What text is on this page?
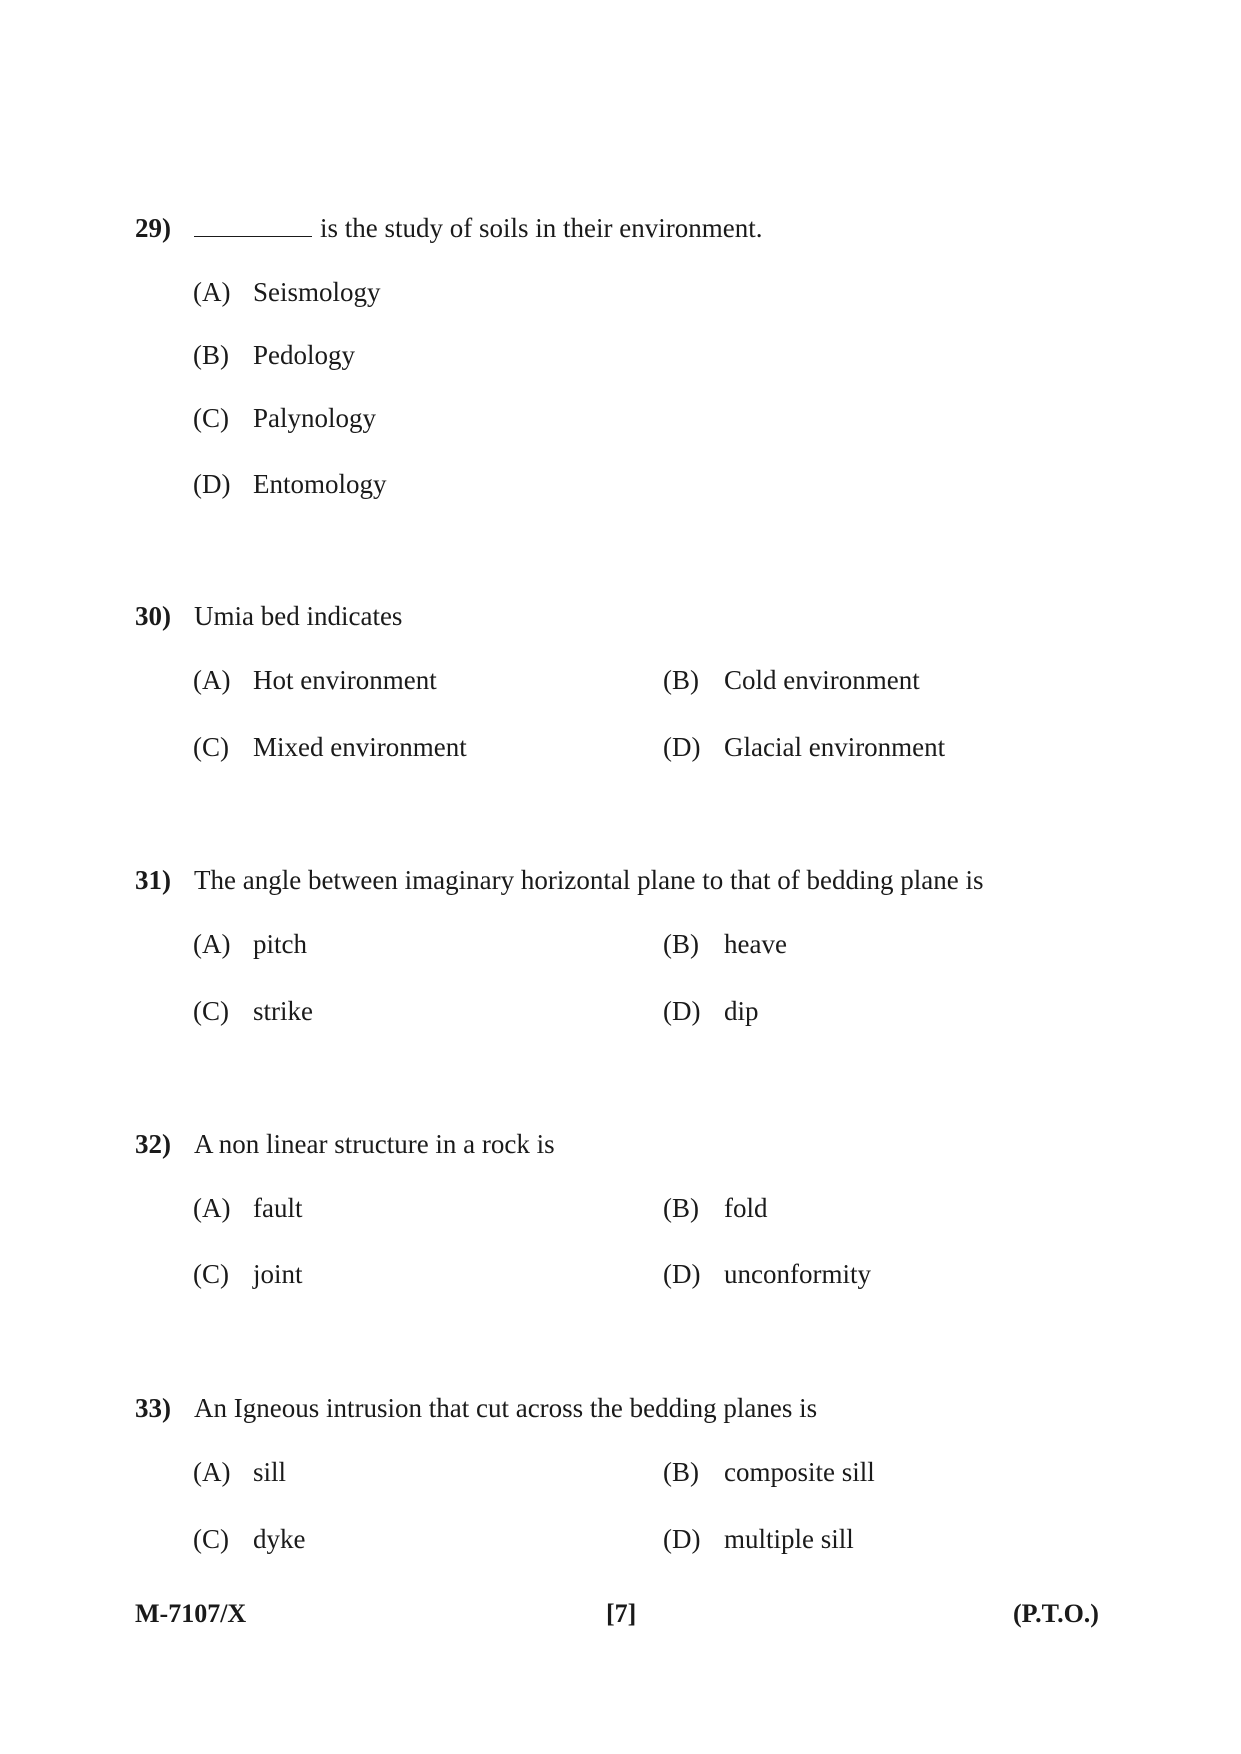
29)	is the study of soils in their environment.
(A) Seismology
(B) Pedology
(C) Palynology
(D) Entomology
30) Umia bed indicates
(A) Hot environment	(B) Cold environment
(C) Mixed environment	(D) Glacial environment
31) The angle between imaginary horizontal plane to that of bedding plane is
(A) pitch	(B) heave
(C) strike	(D) dip
32) A non linear structure in a rock is
(A) fault	(B) fold
(C) joint	(D) unconformity
33) An Igneous intrusion that cut across the bedding planes is
(A) sill	(B) composite sill
(C) dyke	(D) multiple sill
M-7107/X	[7]	(P.T.O.)
